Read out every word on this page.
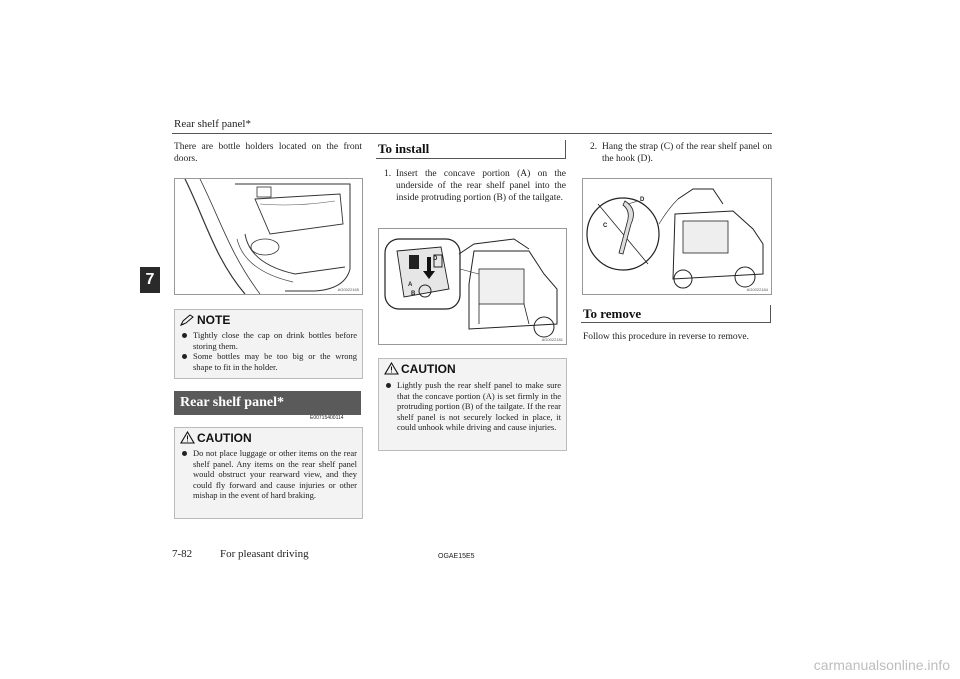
Rear shelf panel*
7
There are bottle holders located on the front doors.
AG0022165
NOTE
Tightly close the cap on drink bottles before storing them.
Some bottles may be too big or the wrong shape to fit in the holder.
Rear shelf panel*
E00715400114
CAUTION
Do not place luggage or other items on the rear shelf panel. Any items on the rear shelf panel would obstruct your rearward view, and they could fly forward and cause injuries or other mishap in the event of hard braking.
To install
1. Insert the concave portion (A) on the underside of the rear shelf panel into the inside protruding portion (B) of the tailgate.
A
B
C	D
AG0022181
CAUTION
Lightly push the rear shelf panel to make sure that the concave portion (A) is set firmly in the protruding portion (B) of the tailgate. If the rear shelf panel is not securely locked in place, it could unhook while driving and cause injuries.
2. Hang the strap (C) of the rear shelf panel on the hook (D).
C
D
AG0022184
To remove
Follow this procedure in reverse to remove.
7-82	For pleasant driving	OGAE15E5
carmanualsonline.info
